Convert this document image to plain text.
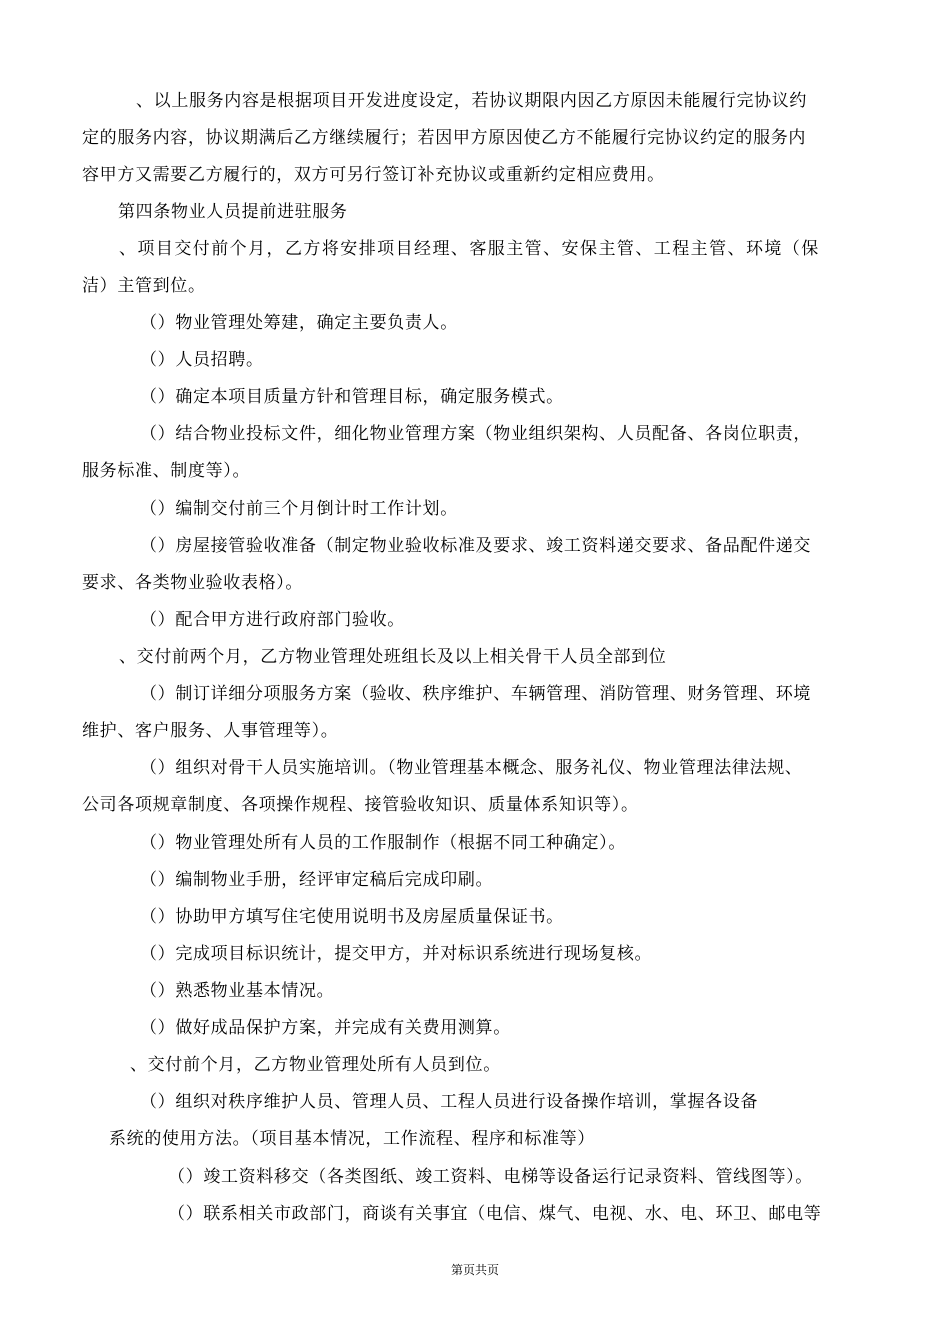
、以上服务内容是根据项目开发进度设定，若协议期限内因乙方原因未能履行完协议约
定的服务内容，协议期满后乙方继续履行；若因甲方原因使乙方不能履行完协议约定的服务内
容甲方又需要乙方履行的，双方可另行签订补充协议或重新约定相应费用。
第四条物业人员提前进驻服务
、项目交付前个月，乙方将安排项目经理、客服主管、安保主管、工程主管、环境（保
洁）主管到位。
（）物业管理处筹建，确定主要负责人。
（）人员招聘。
（）确定本项目质量方针和管理目标，确定服务模式。
（）结合物业投标文件，细化物业管理方案（物业组织架构、人员配备、各岗位职责，
服务标准、制度等）。
（）编制交付前三个月倒计时工作计划。
（）房屋接管验收准备（制定物业验收标准及要求、竣工资料递交要求、备品配件递交
要求、各类物业验收表格）。
（）配合甲方进行政府部门验收。
、交付前两个月，乙方物业管理处班组长及以上相关骨干人员全部到位
（）制订详细分项服务方案（验收、秩序维护、车辆管理、消防管理、财务管理、环境
维护、客户服务、人事管理等）。
（）组织对骨干人员实施培训。（物业管理基本概念、服务礼仪、物业管理法律法规、
公司各项规章制度、各项操作规程、接管验收知识、质量体系知识等）。
（）物业管理处所有人员的工作服制作（根据不同工种确定）。
（）编制物业手册，经评审定稿后完成印刷。
（）协助甲方填写住宅使用说明书及房屋质量保证书。
（）完成项目标识统计，提交甲方，并对标识系统进行现场复核。
（）熟悉物业基本情况。
（）做好成品保护方案，并完成有关费用测算。
、交付前个月，乙方物业管理处所有人员到位。
（）组织对秩序维护人员、管理人员、工程人员进行设备操作培训，掌握各设备
系统的使用方法。（项目基本情况，工作流程、程序和标准等）
（）竣工资料移交（各类图纸、竣工资料、电梯等设备运行记录资料、管线图等）。
（）联系相关市政部门，商谈有关事宜（电信、煤气、电视、水、电、环卫、邮电等
第页共页
